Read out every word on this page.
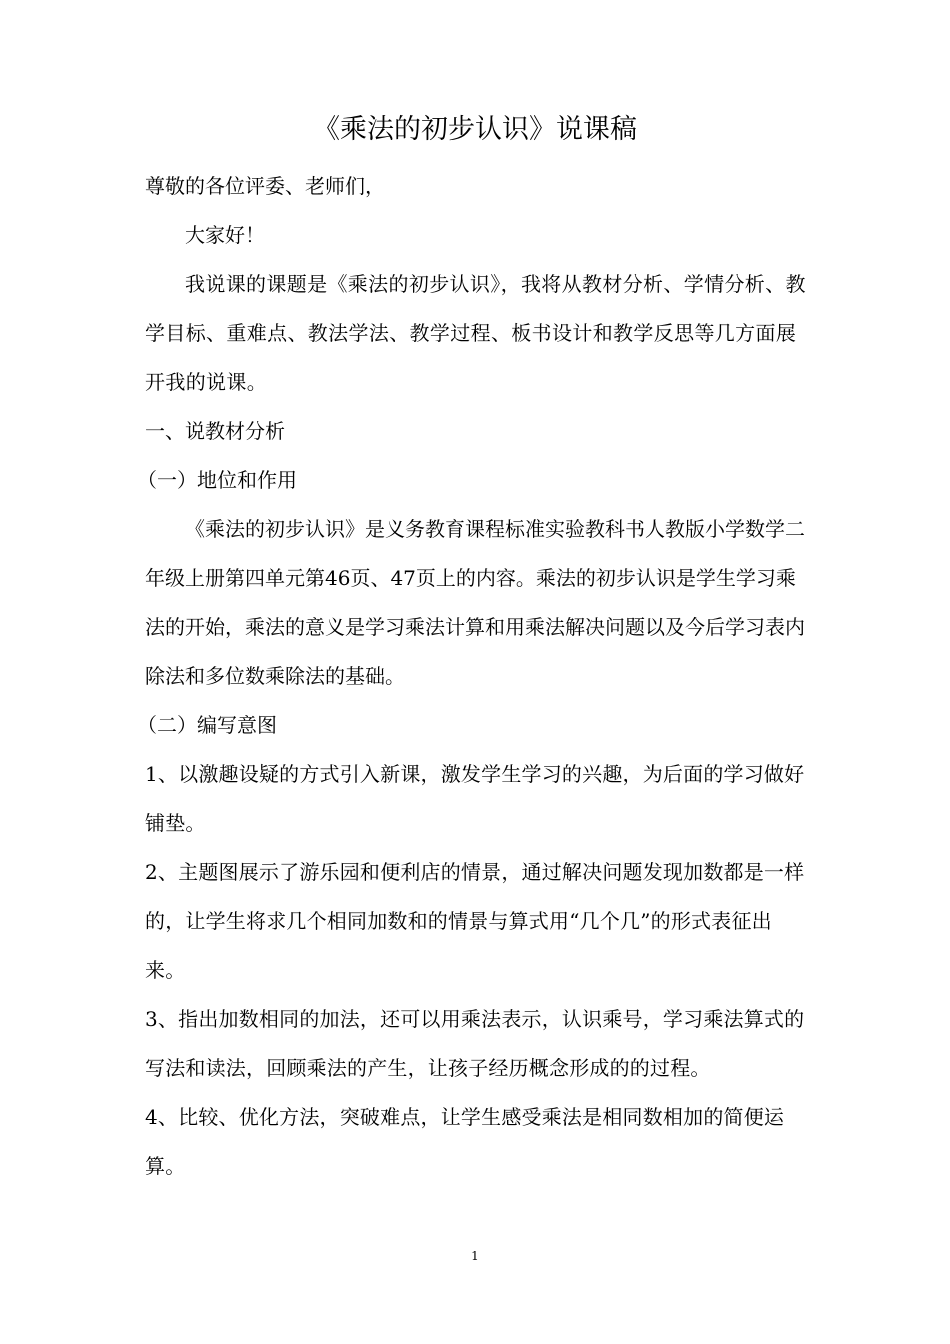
《乘法的初步认识》说课稿

尊敬的各位评委、老师们，

大家好！

我说课的课题是《乘法的初步认识》，我将从教材分析、学情分析、教学目标、重难点、教法学法、教学过程、板书设计和教学反思等几方面展开我的说课。

一、说教材分析

（一）地位和作用

《乘法的初步认识》是义务教育课程标准实验教科书人教版小学数学二年级上册第四单元第46页、47页上的内容。乘法的初步认识是学生学习乘法的开始，乘法的意义是学习乘法计算和用乘法解决问题以及今后学习表内除法和多位数乘除法的基础。

（二）编写意图

1、以激趣设疑的方式引入新课，激发学生学习的兴趣，为后面的学习做好铺垫。

2、主题图展示了游乐园和便利店的情景，通过解决问题发现加数都是一样的，让学生将求几个相同加数和的情景与算式用“几个几”的形式表征出来。

3、指出加数相同的加法，还可以用乘法表示，认识乘号，学习乘法算式的写法和读法，回顾乘法的产生，让孩子经历概念形成的的过程。

4、比较、优化方法，突破难点，让学生感受乘法是相同数相加的简便运算。

1
